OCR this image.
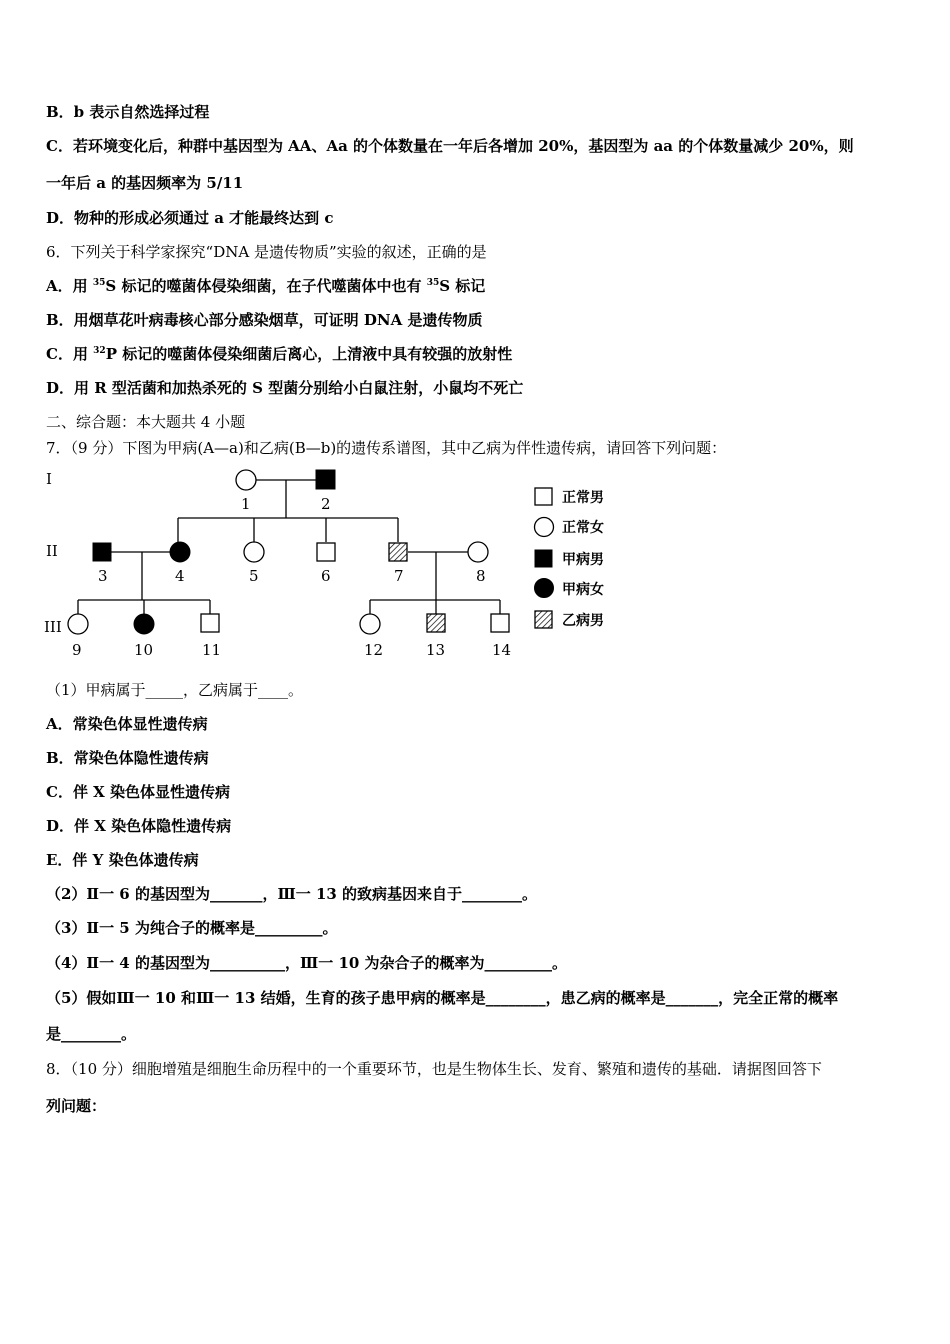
B．b 表示自然选择过程
C．若环境变化后，种群中基因型为 AA、Aa 的个体数量在一年后各增加 20%，基因型为 aa 的个体数量减少 20%，则
一年后 a 的基因频率为 5/11
D．物种的形成必须通过 a 才能最终达到 c
6．下列关于科学家探究“DNA 是遗传物质”实验的叙述，正确的是
A．用 $^{35}$S 标记的噬菌体侵染细菌，在子代噬菌体中也有 $^{35}$S 标记
B．用烟草花叶病毒核心部分感染烟草，可证明 DNA 是遗传物质
C．用 $^{32}$P 标记的噬菌体侵染细菌后离心，上清液中具有较强的放射性
D．用 R 型活菌和加热杀死的 S 型菌分别给小白鼠注射，小鼠均不死亡
二、综合题：本大题共 4 小题
7．（9 分）下图为甲病(A—a)和乙病(B—b)的遗传系谱图，其中乙病为伴性遗传病，请回答下列问题：
I
II
III
1	2
3	4	5	6	7	8
9	10	11	12	13	14
正常男
正常女
甲病男
甲病女
乙病男
（1）甲病属于_____，乙病属于____。
A．常染色体显性遗传病
B．常染色体隐性遗传病
C．伴 X 染色体显性遗传病
D．伴 X 染色体隐性遗传病
E．伴 Y 染色体遗传病
（2）Ⅱ一 6 的基因型为_______，Ⅲ一 13 的致病基因来自于________。
（3）Ⅱ一 5 为纯合子的概率是_________。
（4）Ⅱ一 4 的基因型为__________，Ⅲ一 10 为杂合子的概率为_________。
（5）假如Ⅲ一 10 和Ⅲ一 13 结婚，生育的孩子患甲病的概率是________，患乙病的概率是_______，完全正常的概率
是________。
8．（10 分）细胞增殖是细胞生命历程中的一个重要环节，也是生物体生长、发育、繁殖和遗传的基础．请据图回答下
列问题：
